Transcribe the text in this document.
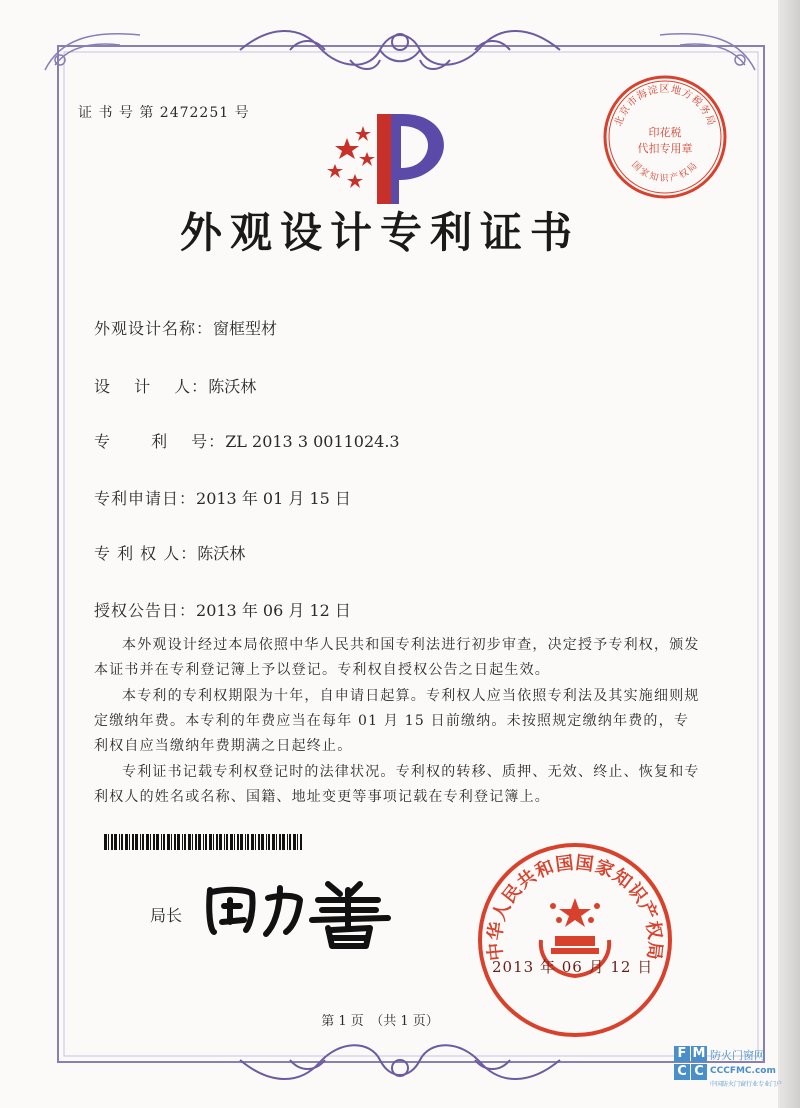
证 书 号 第 2472251 号	北京市海淀区地方税务局
印花税
代扣专用章
国家知识产权局
外观设计专利证书
外观设计名称：窗框型材
设　 计　 人：陈沃林
专　　 利　 号：ZL 2013 3 0011024.3
专利申请日：2013 年 01 月 15 日
专 利 权 人：陈沃林
授权公告日：2013 年 06 月 12 日

本外观设计经过本局依照中华人民共和国专利法进行初步审查，决定授予专利权，颁发本证书并在专利登记簿上予以登记。专利权自授权公告之日起生效。

本专利的专利权期限为十年，自申请日起算。专利权人应当依照专利法及其实施细则规定缴纳年费。本专利的年费应当在每年 01 月 15 日前缴纳。未按照规定缴纳年费的，专利权自应当缴纳年费期满之日起终止。

专利证书记载专利权登记时的法律状况。专利权的转移、质押、无效、终止、恢复和专利权人的姓名或名称、国籍、地址变更等事项记载在专利登记簿上。

局长
中华人民共和国国家知识产权局
2013 年 06 月 12 日
第 1 页　（共 1 页）
F M
C C
防火门窗网
CCCFMC.com
中国防火门窗行业专业门户
